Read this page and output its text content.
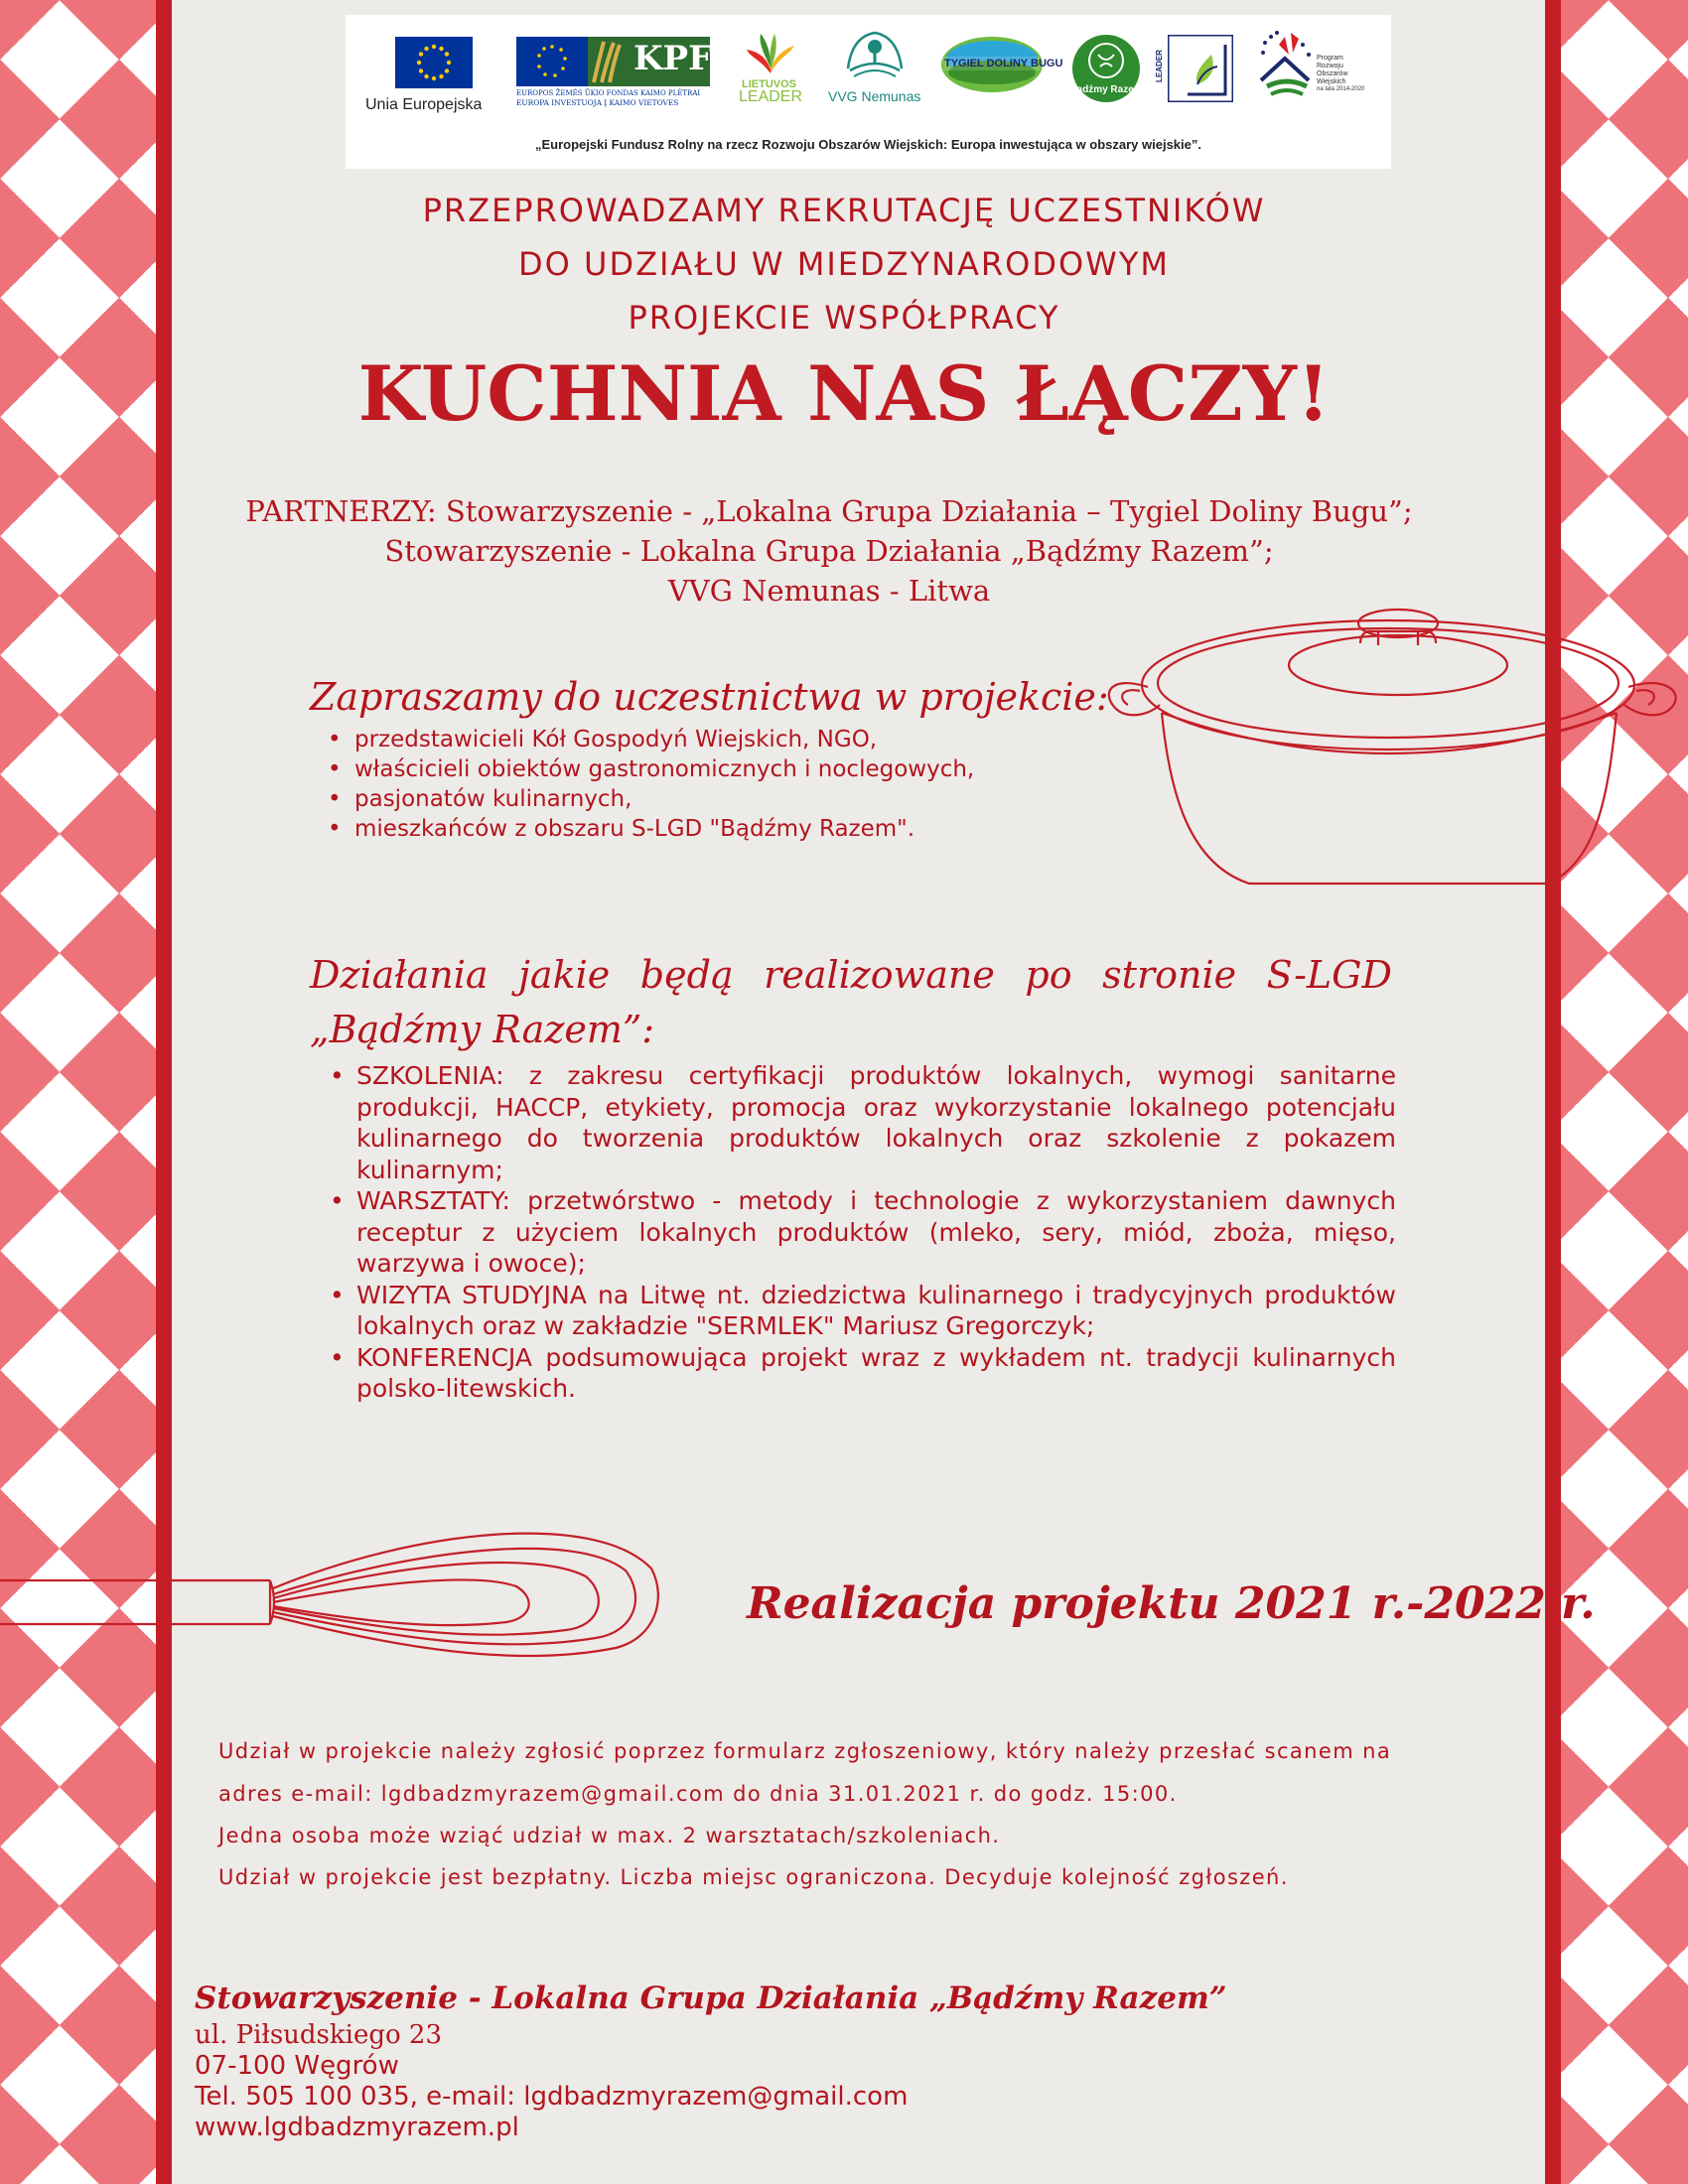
Unia Europejska
KPF
EUROPOS ŽEMĖS ŪKIO FONDAS KAIMO PLĖTRAI
EUROPA INVESTUOJA Į KAIMO VIETOVES
LIETUVOS
LEADER VVG Nemunas
TYGIEL DOLINY BUGU
Bądźmy Razem
LEADER	Program
Rozwoju
Obszarów
Wiejskich
na lata 2014-2020
„Europejski Fundusz Rolny na rzecz Rozwoju Obszarów Wiejskich: Europa inwestująca w obszary wiejskie”.
PRZEPROWADZAMY REKRUTACJĘ UCZESTNIKÓW
DO UDZIAŁU W MIEDZYNARODOWYM
PROJEKCIE WSPÓŁPRACY
KUCHNIA NAS ŁĄCZY!
PARTNERZY: Stowarzyszenie - „Lokalna Grupa Działania – Tygiel Doliny Bugu”;
Stowarzyszenie - Lokalna Grupa Działania „Bądźmy Razem”;
VVG Nemunas - Litwa
Zapraszamy do uczestnictwa w projekcie:
• przedstawicieli Kół Gospodyń Wiejskich, NGO,
• właścicieli obiektów gastronomicznych i noclegowych,
• pasjonatów kulinarnych,
• mieszkańców z obszaru S-LGD "Bądźmy Razem".
Działania jakie będą realizowane po stronie S-LGD
„Bądźmy Razem”:
• SZKOLENIA: z zakresu certyfikacji produktów lokalnych, wymogi sanitarne produkcji, HACCP, etykiety, promocja oraz wykorzystanie lokalnego potencjału kulinarnego do tworzenia produktów lokalnych oraz szkolenie z pokazem kulinarnym;
• WARSZTATY: przetwórstwo - metody i technologie z wykorzystaniem dawnych receptur z użyciem lokalnych produktów (mleko, sery, miód, zboża, mięso, warzywa i owoce);
• WIZYTA STUDYJNA na Litwę nt. dziedzictwa kulinarnego i tradycyjnych produktów lokalnych oraz w zakładzie "SERMLEK" Mariusz Gregorczyk;
• KONFERENCJA podsumowująca projekt wraz z wykładem nt. tradycji kulinarnych polsko-litewskich.
Realizacja projektu 2021 r.-2022 r.
Udział w projekcie należy zgłosić poprzez formularz zgłoszeniowy, który należy przesłać scanem na
adres e-mail: lgdbadzmyrazem@gmail.com do dnia 31.01.2021 r. do godz. 15:00.
Jedna osoba może wziąć udział w max. 2 warsztatach/szkoleniach.
Udział w projekcie jest bezpłatny. Liczba miejsc ograniczona. Decyduje kolejność zgłoszeń.
Stowarzyszenie - Lokalna Grupa Działania „Bądźmy Razem”
ul. Piłsudskiego 23
07-100 Węgrów
Tel. 505 100 035, e-mail: lgdbadzmyrazem@gmail.com
www.lgdbadzmyrazem.pl
